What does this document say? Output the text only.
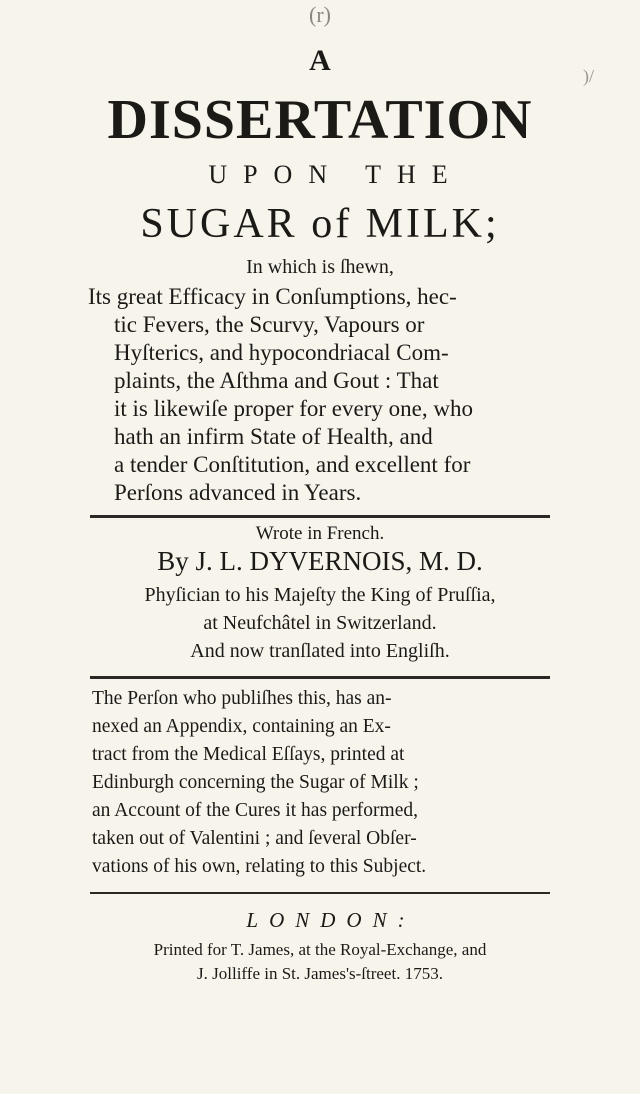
(r)
)/
A
DISSERTATION
UPON THE
SUGAR of MILK;
In which is ſhewn,
Its great Efficacy in Conſumptions, hec-
tic Fevers, the Scurvy, Vapours or
Hyſterics, and hypocondriacal Com-
plaints, the Aſthma and Gout : That
it is likewiſe proper for every one, who
hath an infirm State of Health, and
a tender Conſtitution, and excellent for
Perſons advanced in Years.
Wrote in French.
By J. L. DYVERNOIS, M. D.
Phyſician to his Majeſty the King of Pruſſia,
at Neufchâtel in Switzerland.
And now tranſlated into Engliſh.
The Perſon who publiſhes this, has an-
nexed an Appendix, containing an Ex-
tract from the Medical Eſſays, printed at
Edinburgh concerning the Sugar of Milk ;
an Account of the Cures it has performed,
taken out of Valentini ; and ſeveral Obſer-
vations of his own, relating to this Subject.
LONDON:
Printed for T. James, at the Royal-Exchange, and
J. Jolliffe in St. James's-ſtreet. 1753.
